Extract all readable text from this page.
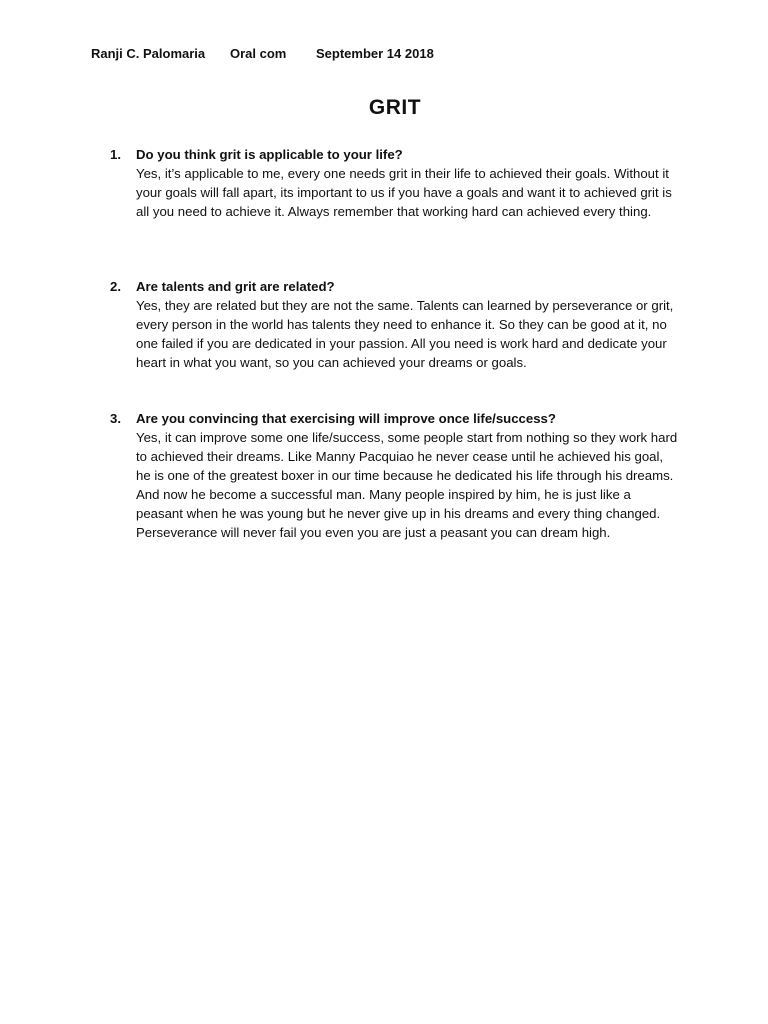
Ranji C. Palomaria Oral com September 14 2018
GRIT
1. Do you think grit is applicable to your life?
Yes, it’s applicable to me, every one needs grit in their life to achieved their goals. Without it your goals will fall apart, its important to us if you have a goals and want it to achieved grit is all you need to achieve it. Always remember that working hard can achieved every thing.
2. Are talents and grit are related?
Yes, they are related but they are not the same. Talents can learned by perseverance or grit, every person in the world has talents they need to enhance it. So they can be good at it, no one failed if you are dedicated in your passion. All you need is work hard and dedicate your heart in what you want, so you can achieved your dreams or goals.
3. Are you convincing that exercising will improve once life/success?
Yes, it can improve some one life/success, some people start from nothing so they work hard to achieved their dreams. Like Manny Pacquiao he never cease until he achieved his goal, he is one of the greatest boxer in our time because he dedicated his life through his dreams. And now he become a successful man. Many people inspired by him, he is just like a peasant when he was young but he never give up in his dreams and every thing changed. Perseverance will never fail you even you are just a peasant you can dream high.
